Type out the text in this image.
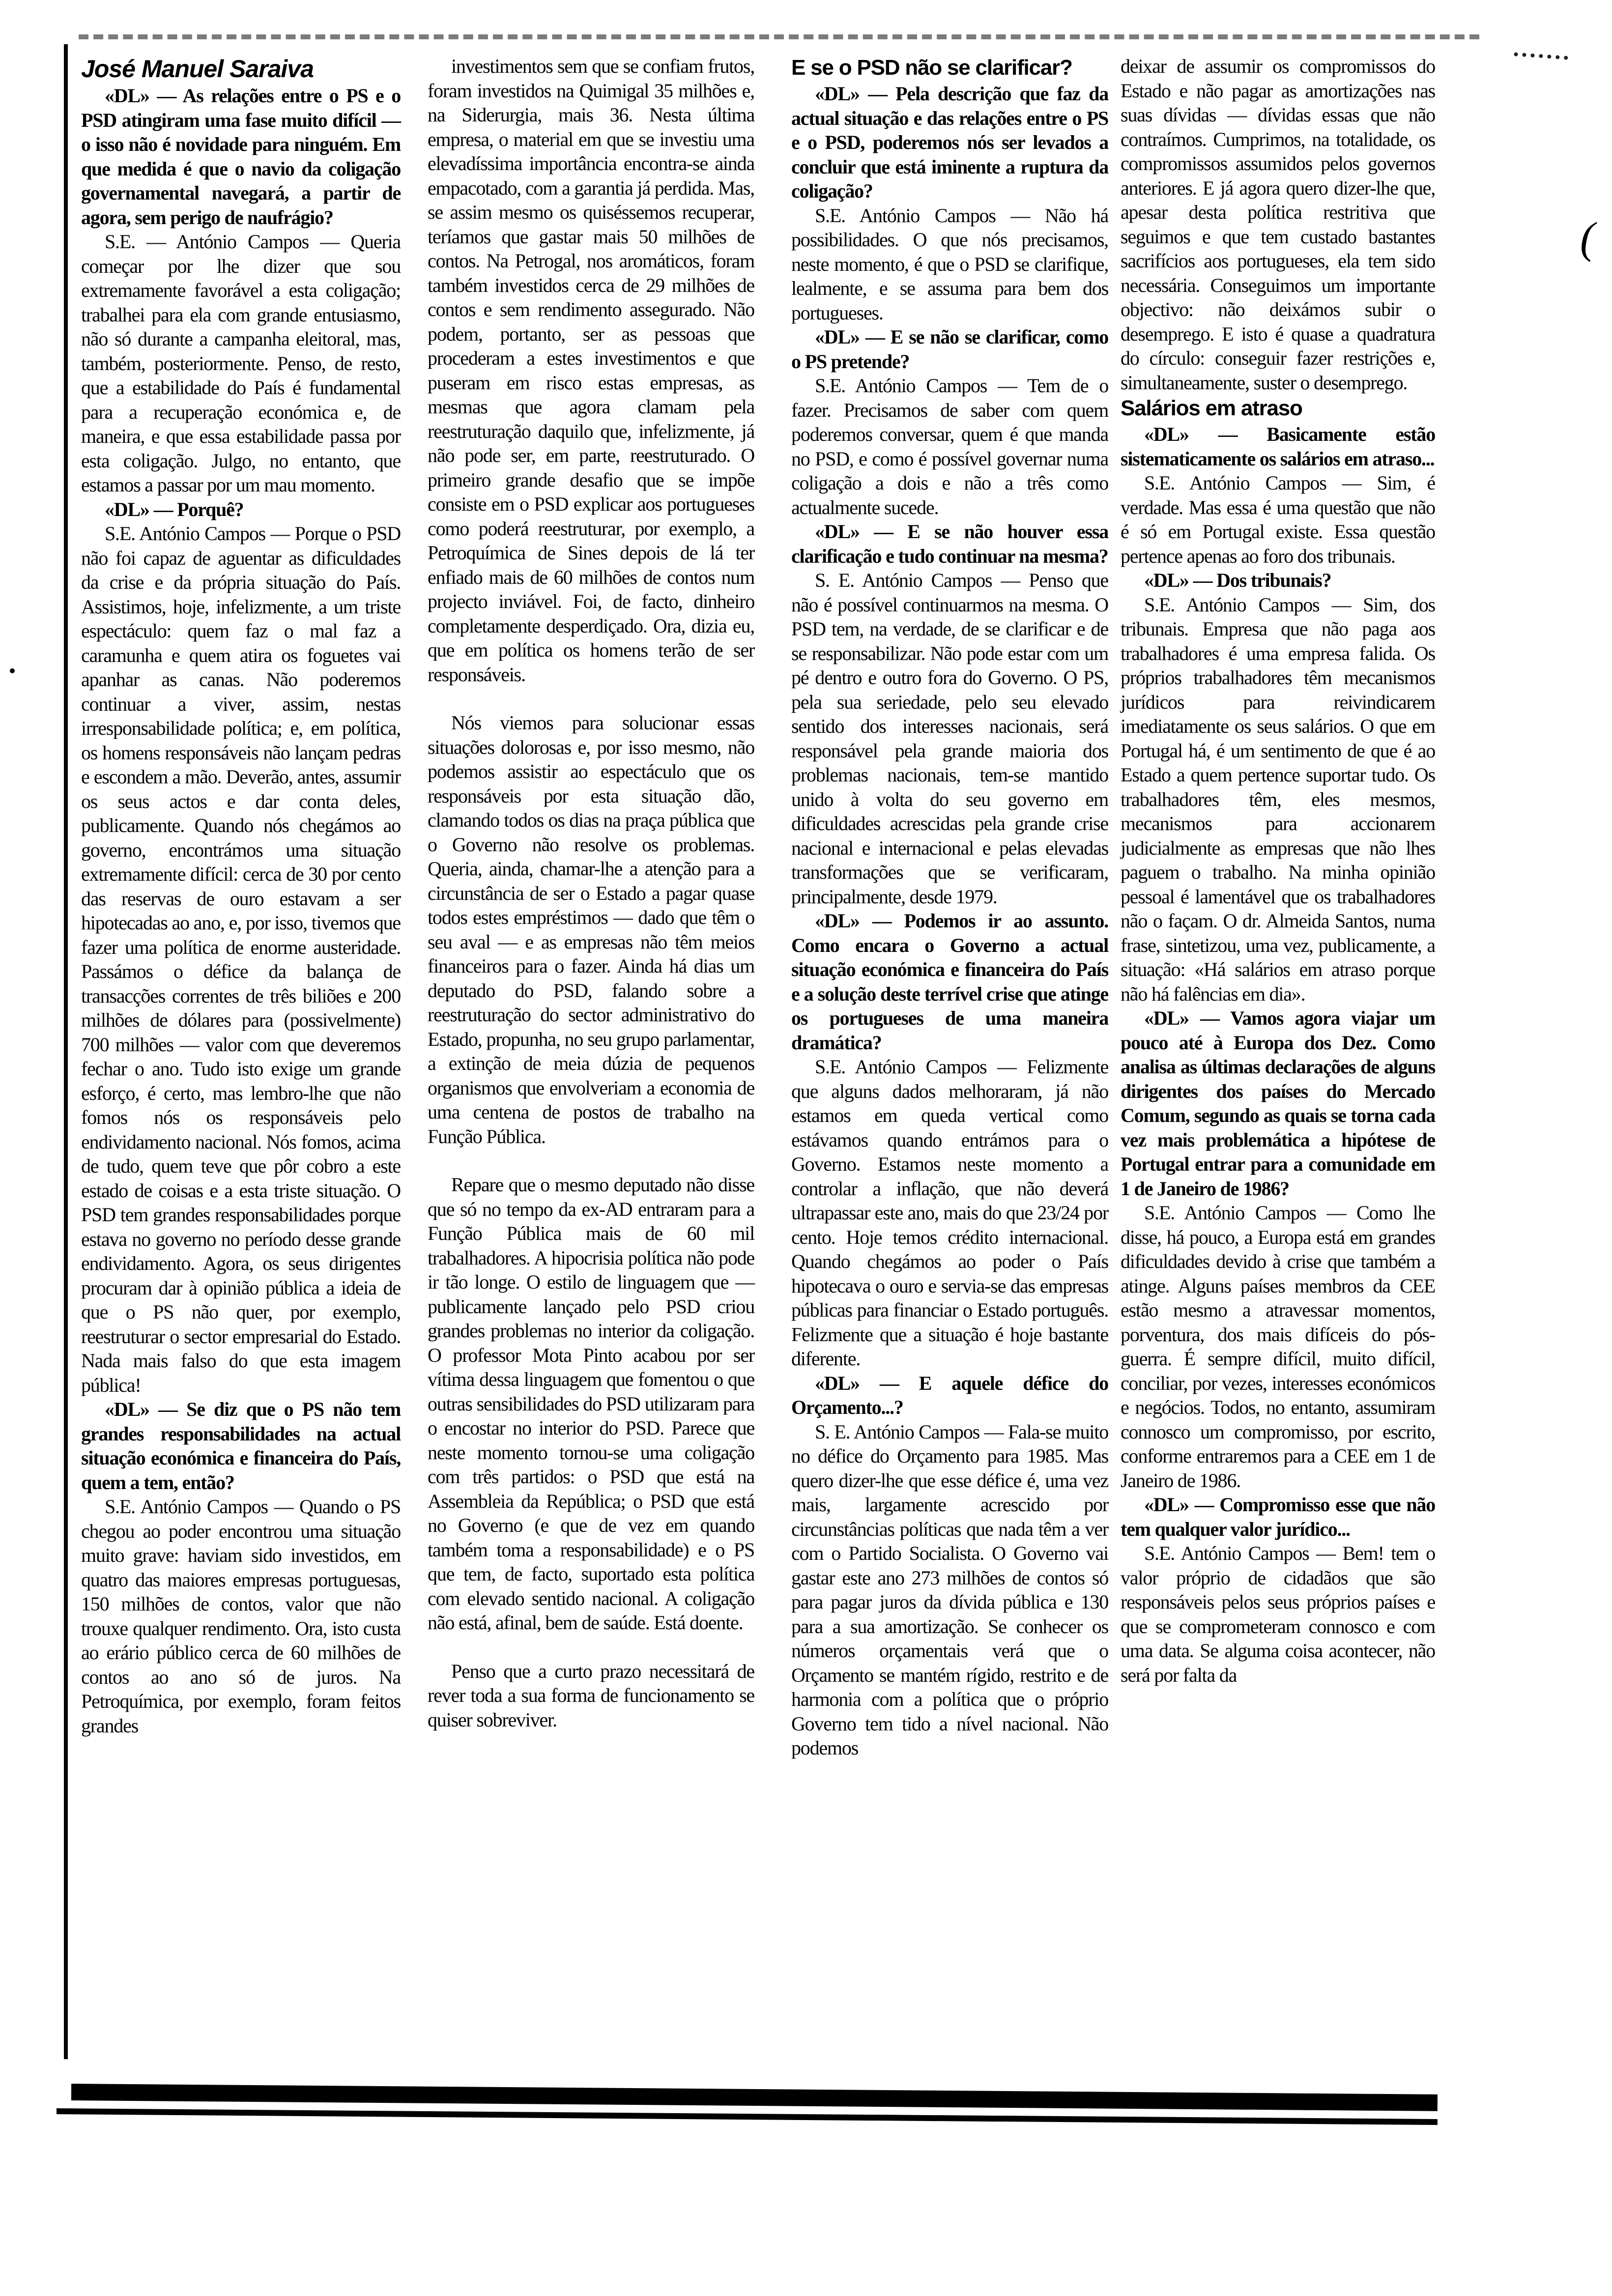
(

José Manuel Saraiva

«DL» — As relações entre o PS e o PSD atingiram uma fase muito difícil — o isso não é novidade para ninguém. Em que medida é que o navio da coligação governamental navegará, a partir de agora, sem perigo de naufrágio?

S.E. — António Campos — Queria começar por lhe dizer que sou extremamente favorável a esta coligação; trabalhei para ela com grande entusiasmo, não só durante a campanha eleitoral, mas, também, posteriormente. Penso, de resto, que a estabilidade do País é fundamental para a recuperação económica e, de maneira, e que essa estabilidade passa por esta coligação. Julgo, no entanto, que estamos a passar por um mau momento.

«DL» — Porquê?

S.E. António Campos — Porque o PSD não foi capaz de aguentar as dificuldades da crise e da própria situação do País. Assistimos, hoje, infelizmente, a um triste espectáculo: quem faz o mal faz a caramunha e quem atira os foguetes vai apanhar as canas. Não poderemos continuar a viver, assim, nestas irresponsabilidade política; e, em política, os homens responsáveis não lançam pedras e escondem a mão. Deverão, antes, assumir os seus actos e dar conta deles, publicamente. Quando nós chegámos ao governo, encontrámos uma situação extremamente difícil: cerca de 30 por cento das reservas de ouro estavam a ser hipotecadas ao ano, e, por isso, tivemos que fazer uma política de enorme austeridade. Passámos o défice da balança de transacções correntes de três biliões e 200 milhões de dólares para (possivelmente) 700 milhões — valor com que deveremos fechar o ano. Tudo isto exige um grande esforço, é certo, mas lembro-lhe que não fomos nós os responsáveis pelo endividamento nacional. Nós fomos, acima de tudo, quem teve que pôr cobro a este estado de coisas e a esta triste situação. O PSD tem grandes responsabilidades porque estava no governo no período desse grande endividamento. Agora, os seus dirigentes procuram dar à opinião pública a ideia de que o PS não quer, por exemplo, reestruturar o sector empresarial do Estado. Nada mais falso do que esta imagem pública!

«DL» — Se diz que o PS não tem grandes responsabilidades na actual situação económica e financeira do País, quem a tem, então?

S.E. António Campos — Quando o PS chegou ao poder encontrou uma situação muito grave: haviam sido investidos, em quatro das maiores empresas portuguesas, 150 milhões de contos, valor que não trouxe qualquer rendimento. Ora, isto custa ao erário público cerca de 60 milhões de contos ao ano só de juros. Na Petroquímica, por exemplo, foram feitos grandes

investimentos sem que se confiam frutos, foram investidos na Quimigal 35 milhões e, na Siderurgia, mais 36. Nesta última empresa, o material em que se investiu uma elevadíssima importância encontra-se ainda empacotado, com a garantia já perdida. Mas, se assim mesmo os quiséssemos recuperar, teríamos que gastar mais 50 milhões de contos. Na Petrogal, nos aromáticos, foram também investidos cerca de 29 milhões de contos e sem rendimento assegurado. Não podem, portanto, ser as pessoas que procederam a estes investimentos e que puseram em risco estas empresas, as mesmas que agora clamam pela reestruturação daquilo que, infelizmente, já não pode ser, em parte, reestruturado. O primeiro grande desafio que se impõe consiste em o PSD explicar aos portugueses como poderá reestruturar, por exemplo, a Petroquímica de Sines depois de lá ter enfiado mais de 60 milhões de contos num projecto inviável. Foi, de facto, dinheiro completamente desperdiçado. Ora, dizia eu, que em política os homens terão de ser responsáveis.

Nós viemos para solucionar essas situações dolorosas e, por isso mesmo, não podemos assistir ao espectáculo que os responsáveis por esta situação dão, clamando todos os dias na praça pública que o Governo não resolve os problemas. Queria, ainda, chamar-lhe a atenção para a circunstância de ser o Estado a pagar quase todos estes empréstimos — dado que têm o seu aval — e as empresas não têm meios financeiros para o fazer. Ainda há dias um deputado do PSD, falando sobre a reestruturação do sector administrativo do Estado, propunha, no seu grupo parlamentar, a extinção de meia dúzia de pequenos organismos que envolveriam a economia de uma centena de postos de trabalho na Função Pública.

Repare que o mesmo deputado não disse que só no tempo da ex-AD entraram para a Função Pública mais de 60 mil trabalhadores. A hipocrisia política não pode ir tão longe. O estilo de linguagem que — publicamente lançado pelo PSD criou grandes problemas no interior da coligação. O professor Mota Pinto acabou por ser vítima dessa linguagem que fomentou o que outras sensibilidades do PSD utilizaram para o encostar no interior do PSD. Parece que neste momento tornou-se uma coligação com três partidos: o PSD que está na Assembleia da República; o PSD que está no Governo (e que de vez em quando também toma a responsabilidade) e o PS que tem, de facto, suportado esta política com elevado sentido nacional. A coligação não está, afinal, bem de saúde. Está doente.

Penso que a curto prazo necessitará de rever toda a sua forma de funcionamento se quiser sobreviver.

E se o PSD não se clarificar?

«DL» — Pela descrição que faz da actual situação e das relações entre o PS e o PSD, poderemos nós ser levados a concluir que está iminente a ruptura da coligação?

S.E. António Campos — Não há possibilidades. O que nós precisamos, neste momento, é que o PSD se clarifique, lealmente, e se assuma para bem dos portugueses.

«DL» — E se não se clarificar, como o PS pretende?

S.E. António Campos — Tem de o fazer. Precisamos de saber com quem poderemos conversar, quem é que manda no PSD, e como é possível governar numa coligação a dois e não a três como actualmente sucede.

«DL» — E se não houver essa clarificação e tudo continuar na mesma?

S. E. António Campos — Penso que não é possível continuarmos na mesma. O PSD tem, na verdade, de se clarificar e de se responsabilizar. Não pode estar com um pé dentro e outro fora do Governo. O PS, pela sua seriedade, pelo seu elevado sentido dos interesses nacionais, será responsável pela grande maioria dos problemas nacionais, tem-se mantido unido à volta do seu governo em dificuldades acrescidas pela grande crise nacional e internacional e pelas elevadas transformações que se verificaram, principalmente, desde 1979.

«DL» — Podemos ir ao assunto. Como encara o Governo a actual situação económica e financeira do País e a solução deste terrível crise que atinge os portugueses de uma maneira dramática?

S.E. António Campos — Felizmente que alguns dados melhoraram, já não estamos em queda vertical como estávamos quando entrámos para o Governo. Estamos neste momento a controlar a inflação, que não deverá ultrapassar este ano, mais do que 23/24 por cento. Hoje temos crédito internacional. Quando chegámos ao poder o País hipotecava o ouro e servia-se das empresas públicas para financiar o Estado português. Felizmente que a situação é hoje bastante diferente.

«DL» — E aquele défice do Orçamento...?

S. E. António Campos — Fala-se muito no défice do Orçamento para 1985. Mas quero dizer-lhe que esse défice é, uma vez mais, largamente acrescido por circunstâncias políticas que nada têm a ver com o Partido Socialista. O Governo vai gastar este ano 273 milhões de contos só para pagar juros da dívida pública e 130 para a sua amortização. Se conhecer os números orçamentais verá que o Orçamento se mantém rígido, restrito e de harmonia com a política que o próprio Governo tem tido a nível nacional. Não podemos

deixar de assumir os compromissos do Estado e não pagar as amortizações nas suas dívidas — dívidas essas que não contraímos. Cumprimos, na totalidade, os compromissos assumidos pelos governos anteriores. E já agora quero dizer-lhe que, apesar desta política restritiva que seguimos e que tem custado bastantes sacrifícios aos portugueses, ela tem sido necessária. Conseguimos um importante objectivo: não deixámos subir o desemprego. E isto é quase a quadratura do círculo: conseguir fazer restrições e, simultaneamente, suster o desemprego.

Salários em atraso

«DL» — Basicamente estão sistematicamente os salários em atraso...

S.E. António Campos — Sim, é verdade. Mas essa é uma questão que não é só em Portugal existe. Essa questão pertence apenas ao foro dos tribunais.

«DL» — Dos tribunais?

S.E. António Campos — Sim, dos tribunais. Empresa que não paga aos trabalhadores é uma empresa falida. Os próprios trabalhadores têm mecanismos jurídicos para reivindicarem imediatamente os seus salários. O que em Portugal há, é um sentimento de que é ao Estado a quem pertence suportar tudo. Os trabalhadores têm, eles mesmos, mecanismos para accionarem judicialmente as empresas que não lhes paguem o trabalho. Na minha opinião pessoal é lamentável que os trabalhadores não o façam. O dr. Almeida Santos, numa frase, sintetizou, uma vez, publicamente, a situação: «Há salários em atraso porque não há falências em dia».

«DL» — Vamos agora viajar um pouco até à Europa dos Dez. Como analisa as últimas declarações de alguns dirigentes dos países do Mercado Comum, segundo as quais se torna cada vez mais problemática a hipótese de Portugal entrar para a comunidade em 1 de Janeiro de 1986?

S.E. António Campos — Como lhe disse, há pouco, a Europa está em grandes dificuldades devido à crise que também a atinge. Alguns países membros da CEE estão mesmo a atravessar momentos, porventura, dos mais difíceis do pós-guerra. É sempre difícil, muito difícil, conciliar, por vezes, interesses económicos e negócios. Todos, no entanto, assumiram connosco um compromisso, por escrito, conforme entraremos para a CEE em 1 de Janeiro de 1986.

«DL» — Compromisso esse que não tem qualquer valor jurídico...

S.E. António Campos — Bem! tem o valor próprio de cidadãos que são responsáveis pelos seus próprios países e que se comprometeram connosco e com uma data. Se alguma coisa acontecer, não será por falta da
